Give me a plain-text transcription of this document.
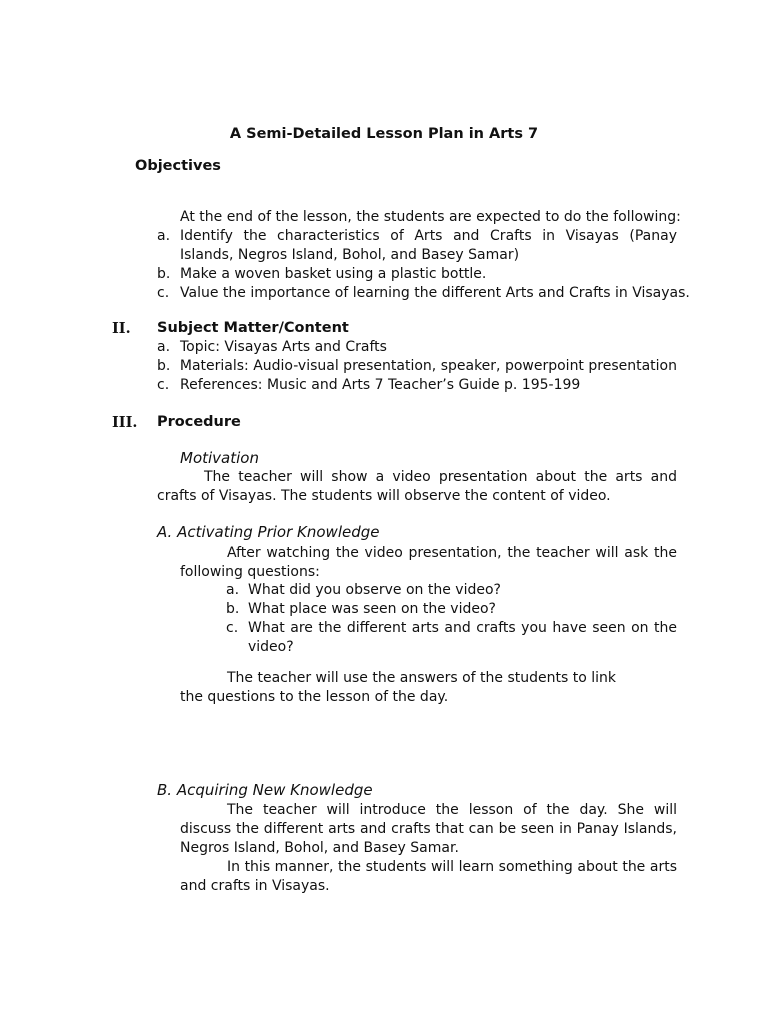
A Semi-Detailed Lesson Plan in Arts 7
Objectives
At the end of the lesson, the students are expected to do the following:
a. Identify the characteristics of Arts and Crafts in Visayas (Panay Islands, Negros Island, Bohol, and Basey Samar)
b. Make a woven basket using a plastic bottle.
c. Value the importance of learning the different Arts and Crafts in Visayas.
II. Subject Matter/Content
a. Topic: Visayas Arts and Crafts
b. Materials: Audio-visual presentation, speaker, powerpoint presentation
c. References: Music and Arts 7 Teacher’s Guide p. 195-199
III. Procedure
Motivation
The teacher will show a video presentation about the arts and crafts of Visayas. The students will observe the content of video.
A. Activating Prior Knowledge
After watching the video presentation, the teacher will ask the following questions:
a. What did you observe on the video?
b. What place was seen on the video?
c. What are the different arts and crafts you have seen on the video?
The teacher will use the answers of the students to link the questions to the lesson of the day.
B. Acquiring New Knowledge
The teacher will introduce the lesson of the day. She will discuss the different arts and crafts that can be seen in Panay Islands, Negros Island, Bohol, and Basey Samar.
In this manner, the students will learn something about the arts and crafts in Visayas.
